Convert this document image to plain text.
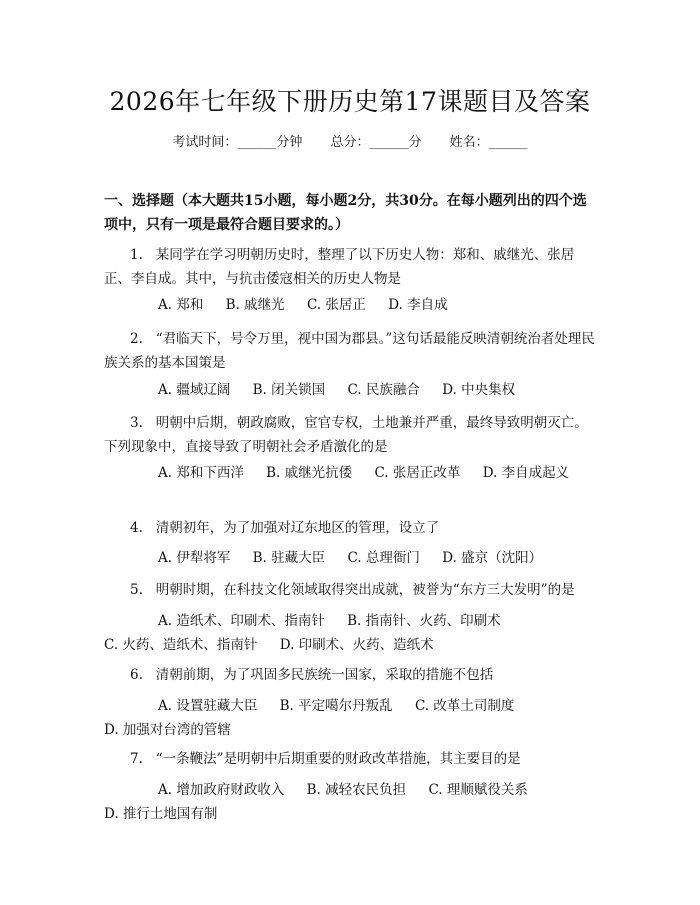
2026年七年级下册历史第17课题目及答案
考试时间：______分钟 总分：______分 姓名：______
一、选择题（本大题共15小题，每小题2分，共30分。在每小题列出的四个选项中，只有一项是最符合题目要求的。）
1. 某同学在学习明朝历史时，整理了以下历史人物：郑和、戚继光、张居正、李自成。其中，与抗击倭寇相关的历史人物是
A. 郑和 B. 戚继光 C. 张居正 D. 李自成
2. “君临天下，号令万里，视中国为郡县。”这句话最能反映清朝统治者处理民族关系的基本国策是
A. 疆域辽阔 B. 闭关锁国 C. 民族融合 D. 中央集权
3. 明朝中后期，朝政腐败，宦官专权，土地兼并严重，最终导致明朝灭亡。下列现象中，直接导致了明朝社会矛盾激化的是
A. 郑和下西洋 B. 戚继光抗倭 C. 张居正改革 D. 李自成起义
4. 清朝初年，为了加强对辽东地区的管理，设立了
A. 伊犁将军 B. 驻藏大臣 C. 总理衙门 D. 盛京（沈阳）
5. 明朝时期，在科技文化领域取得突出成就，被誉为“东方三大发明”的是
A. 造纸术、印刷术、指南针 B. 指南针、火药、印刷术 C. 火药、造纸术、指南针 D. 印刷术、火药、造纸术
6. 清朝前期，为了巩固多民族统一国家，采取的措施不包括
A. 设置驻藏大臣 B. 平定噶尔丹叛乱 C. 改革土司制度 D. 加强对台湾的管辖
7. “一条鞭法”是明朝中后期重要的财政改革措施，其主要目的是
A. 增加政府财政收入 B. 减轻农民负担 C. 理顺赋役关系 D. 推行土地国有制
